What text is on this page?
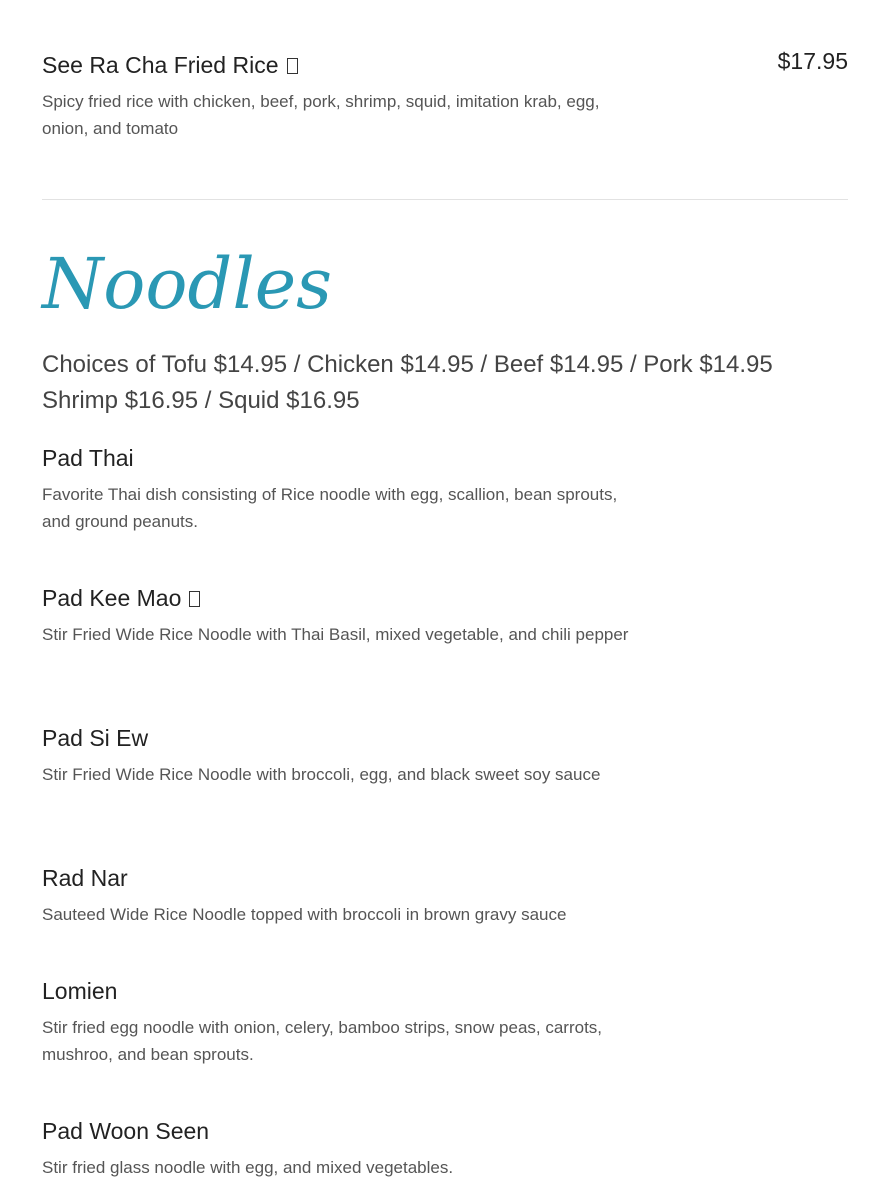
See Ra Cha Fried Rice
Spicy fried rice with chicken, beef, pork, shrimp, squid, imitation krab, egg, onion, and tomato
$17.95
Noodles
Choices of Tofu $14.95 / Chicken $14.95 / Beef $14.95 / Pork $14.95
Shrimp $16.95 / Squid $16.95
Pad Thai
Favorite Thai dish consisting of Rice noodle with egg, scallion, bean sprouts, and ground peanuts.
Pad Kee Mao
Stir Fried Wide Rice Noodle with Thai Basil, mixed vegetable, and chili pepper
Pad Si Ew
Stir Fried Wide Rice Noodle with broccoli, egg, and black sweet soy sauce
Rad Nar
Sauteed Wide Rice Noodle topped with broccoli in brown gravy sauce
Lomien
Stir fried egg noodle with onion, celery, bamboo strips, snow peas, carrots, mushroo, and bean sprouts.
Pad Woon Seen
Stir fried glass noodle with egg, and mixed vegetables.
